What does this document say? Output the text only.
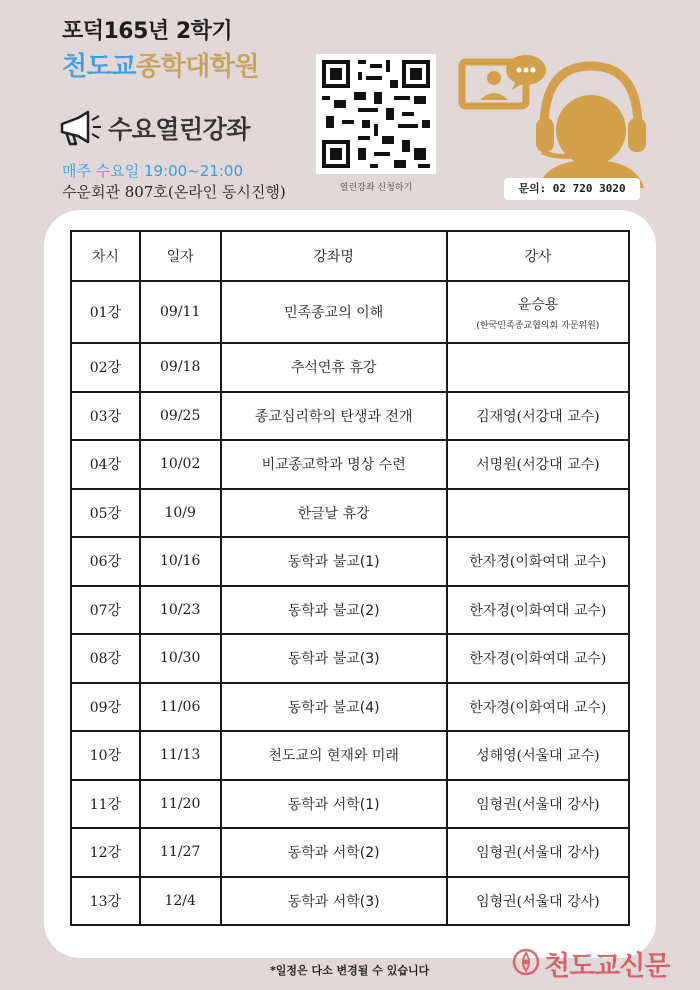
포덕165년 2학기
천도교종학대학원
수요열린강좌
매주 수요일 19:00~21:00
수운회관 807호(온라인 동시진행)	열린강좌 신청하기	문의: 02 720 3020
차시	일자	강좌명	강사
01강	09/11	민족종교의 이해	윤승용
(한국민족종교협의회 자문위원)

02강	09/18	추석연휴 휴강	
03강	09/25	종교심리학의 탄생과 전개	김재영(서강대 교수)
04강	10/02	비교종교학과 명상 수련	서명원(서강대 교수)
05강	10/9	한글날 휴강	
06강	10/16	동학과 불교(1)	한자경(이화여대 교수)
07강	10/23	동학과 불교(2)	한자경(이화여대 교수)
08강	10/30	동학과 불교(3)	한자경(이화여대 교수)
09강	11/06	동학과 불교(4)	한자경(이화여대 교수)
10강	11/13	천도교의 현재와 미래	성해영(서울대 교수)
11강	11/20	동학과 서학(1)	임형권(서울대 강사)
12강	11/27	동학과 서학(2)	임형권(서울대 강사)
13강	12/4	동학과 서학(3)	임형권(서울대 강사)
*일정은 다소 변경될 수 있습니다	천도교신문
